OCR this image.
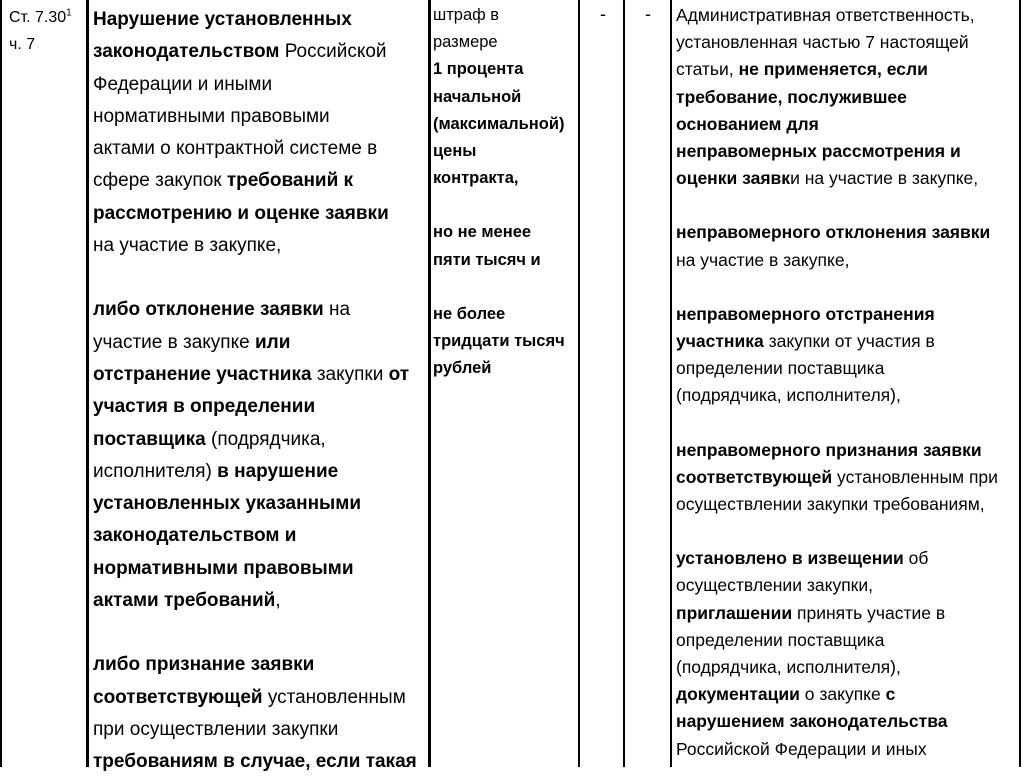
Ст. 7.30$^1$
ч. 7
Нарушение установленных
законодательством Российской
Федерации и иными
нормативными правовыми
актами о контрактной системе в
сфере закупок требований к
рассмотрению и оценке заявки
на участие в закупке,
либо отклонение заявки на
участие в закупке или
отстранение участника закупки от
участия в определении
поставщика (подрядчика,
исполнителя) в нарушение
установленных указанными
законодательством и
нормативными правовыми
актами требований,
либо признание заявки
соответствующей установленным
при осуществлении закупки
требованиям в случае, если такая
штраф в
размере
1 процента
начальной
(максимальной)
цены
контракта,
но не менее
пяти тысяч и
не более
тридцати тысяч
рублей
-	-	Административная ответственность,
установленная частью 7 настоящей
статьи, не применяется, если
требование, послужившее
основанием для
неправомерных рассмотрения и
оценки заявки на участие в закупке,
неправомерного отклонения заявки
на участие в закупке,
неправомерного отстранения
участника закупки от участия в
определении поставщика
(подрядчика, исполнителя),
неправомерного признания заявки
соответствующей установленным при
осуществлении закупки требованиям,
установлено в извещении об
осуществлении закупки,
приглашении принять участие в
определении поставщика
(подрядчика, исполнителя),
документации о закупке с
нарушением законодательства
Российской Федерации и иных
